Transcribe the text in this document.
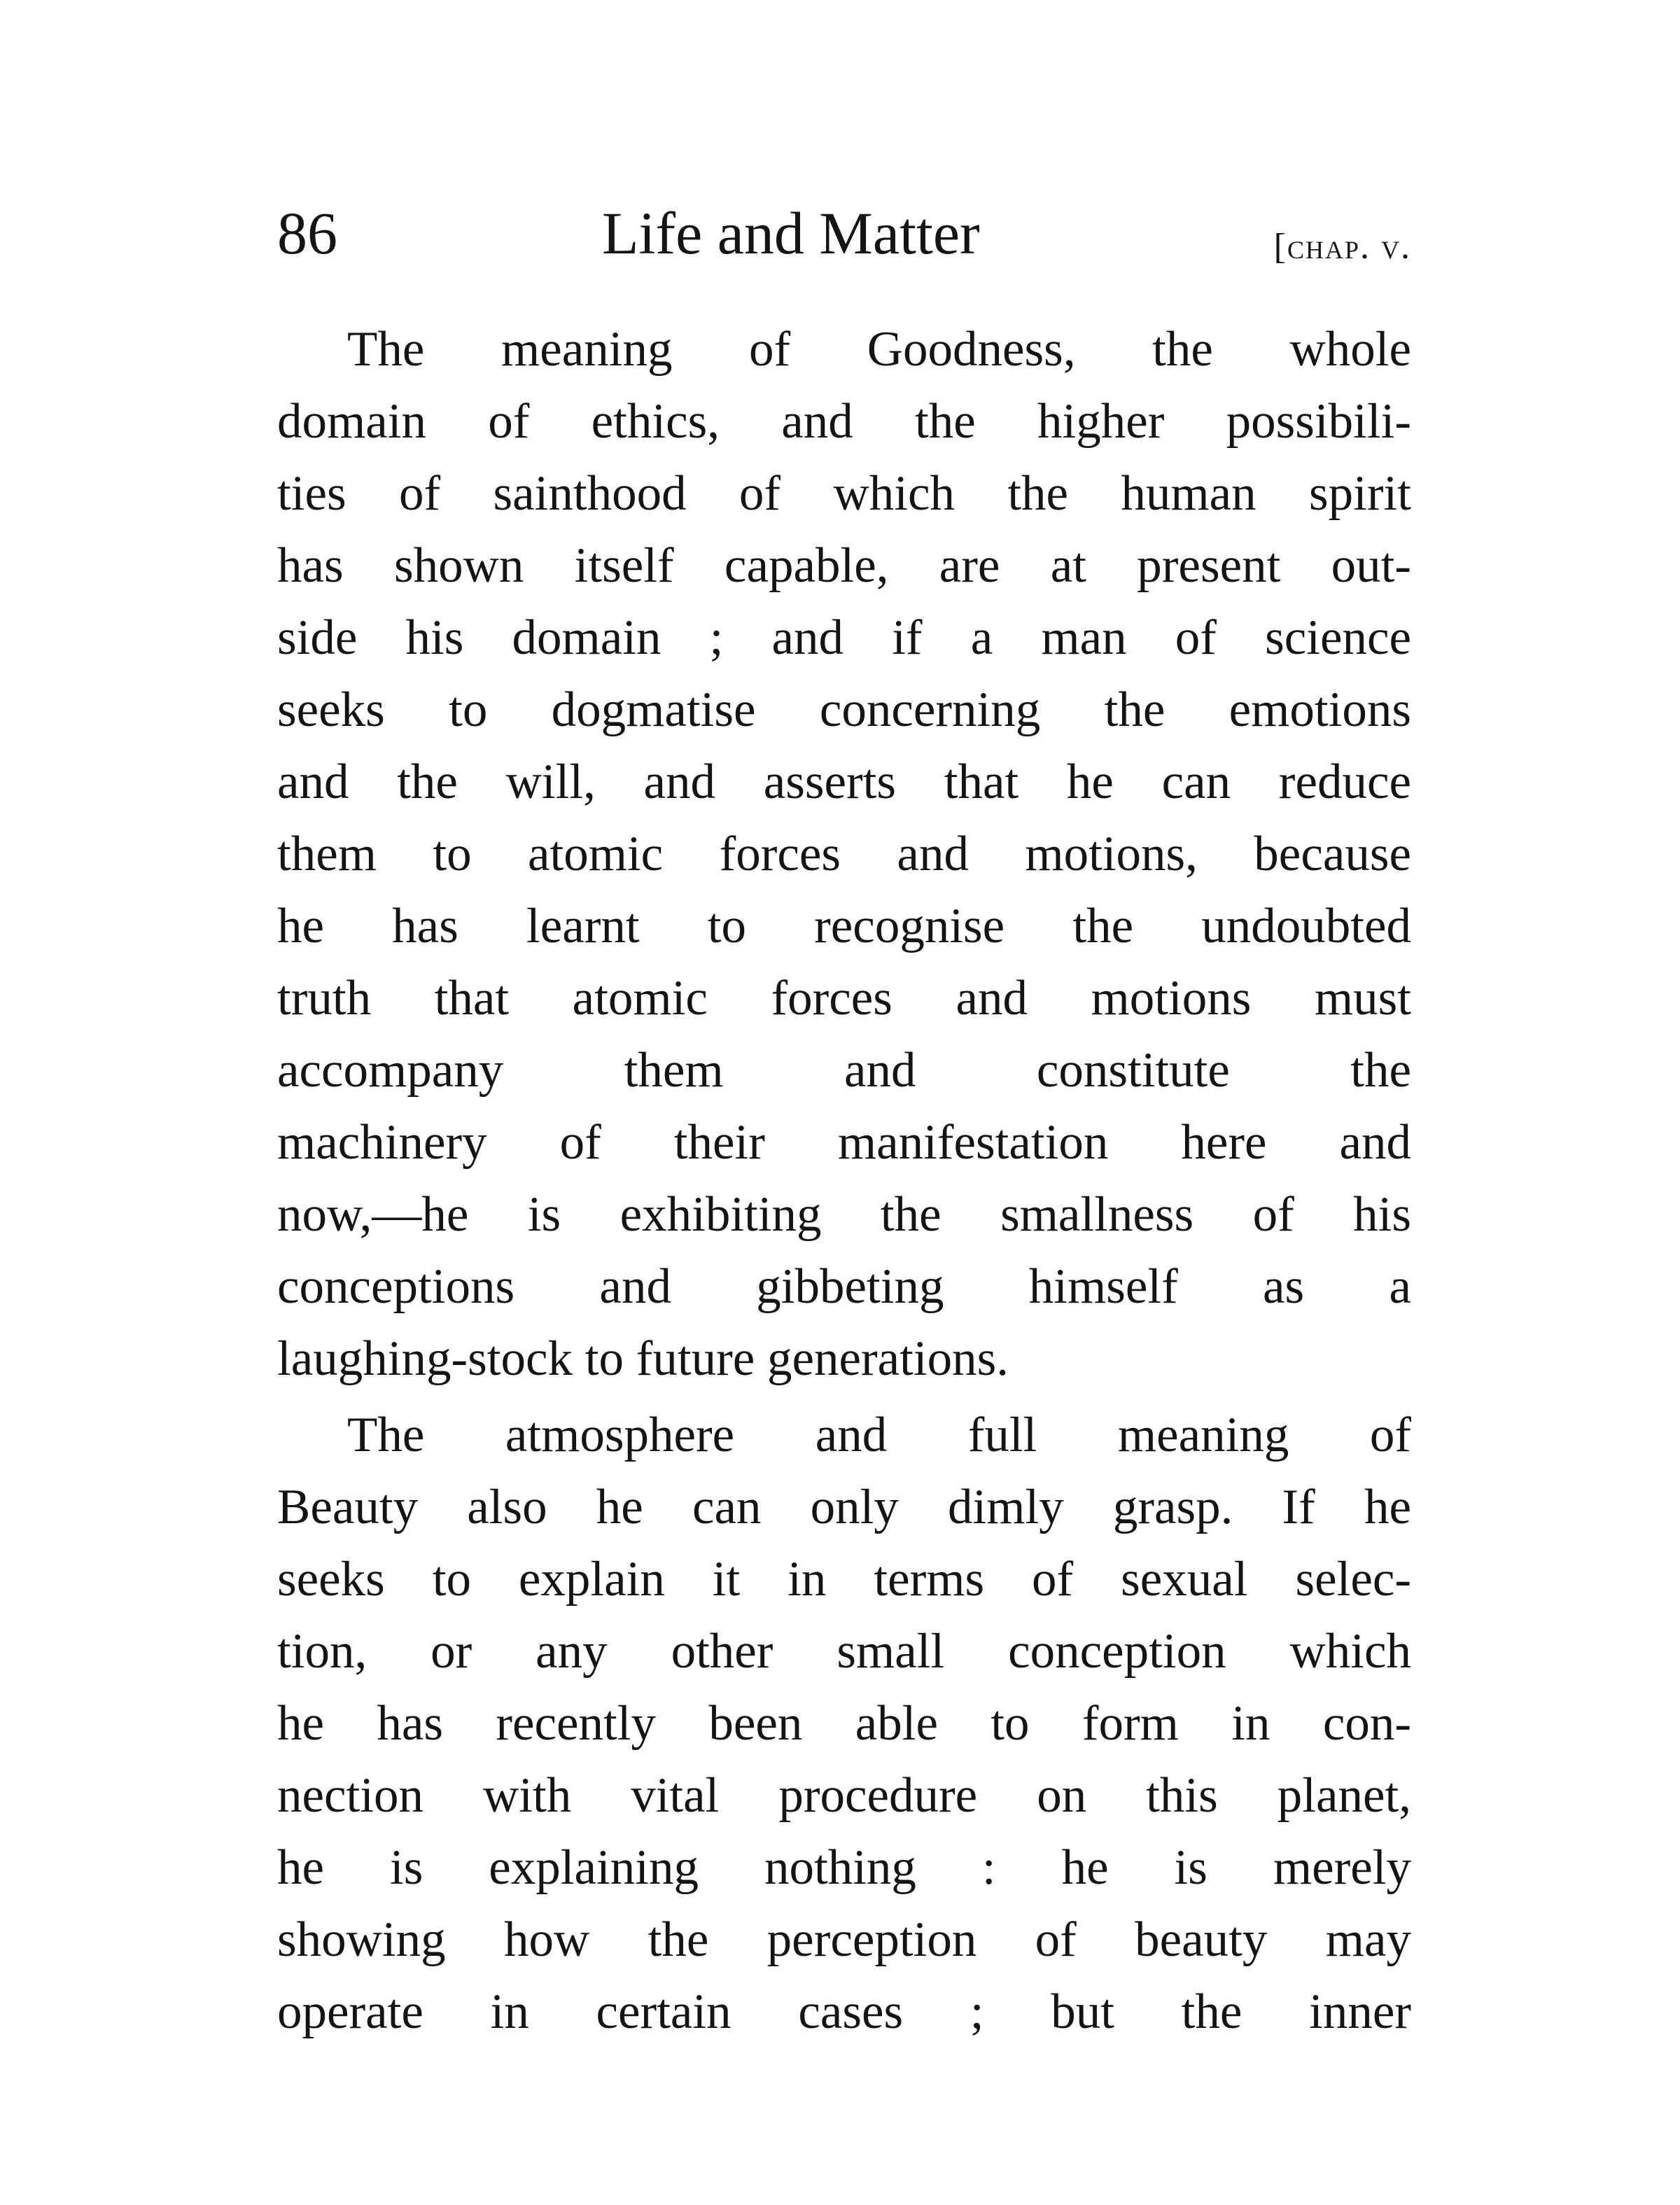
86	Life and Matter	[chap. v.
The meaning of Goodness, the whole
domain of ethics, and the higher possibili-
ties of sainthood of which the human spirit
has shown itself capable, are at present out-
side his domain ; and if a man of science
seeks to dogmatise concerning the emotions
and the will, and asserts that he can reduce
them to atomic forces and motions, because
he has learnt to recognise the undoubted
truth that atomic forces and motions must
accompany them and constitute the
machinery of their manifestation here and
now,—he is exhibiting the smallness of his
conceptions and gibbeting himself as a
laughing-stock to future generations.
The atmosphere and full meaning of
Beauty also he can only dimly grasp. If he
seeks to explain it in terms of sexual selec-
tion, or any other small conception which
he has recently been able to form in con-
nection with vital procedure on this planet,
he is explaining nothing : he is merely
showing how the perception of beauty may
operate in certain cases ; but the inner
